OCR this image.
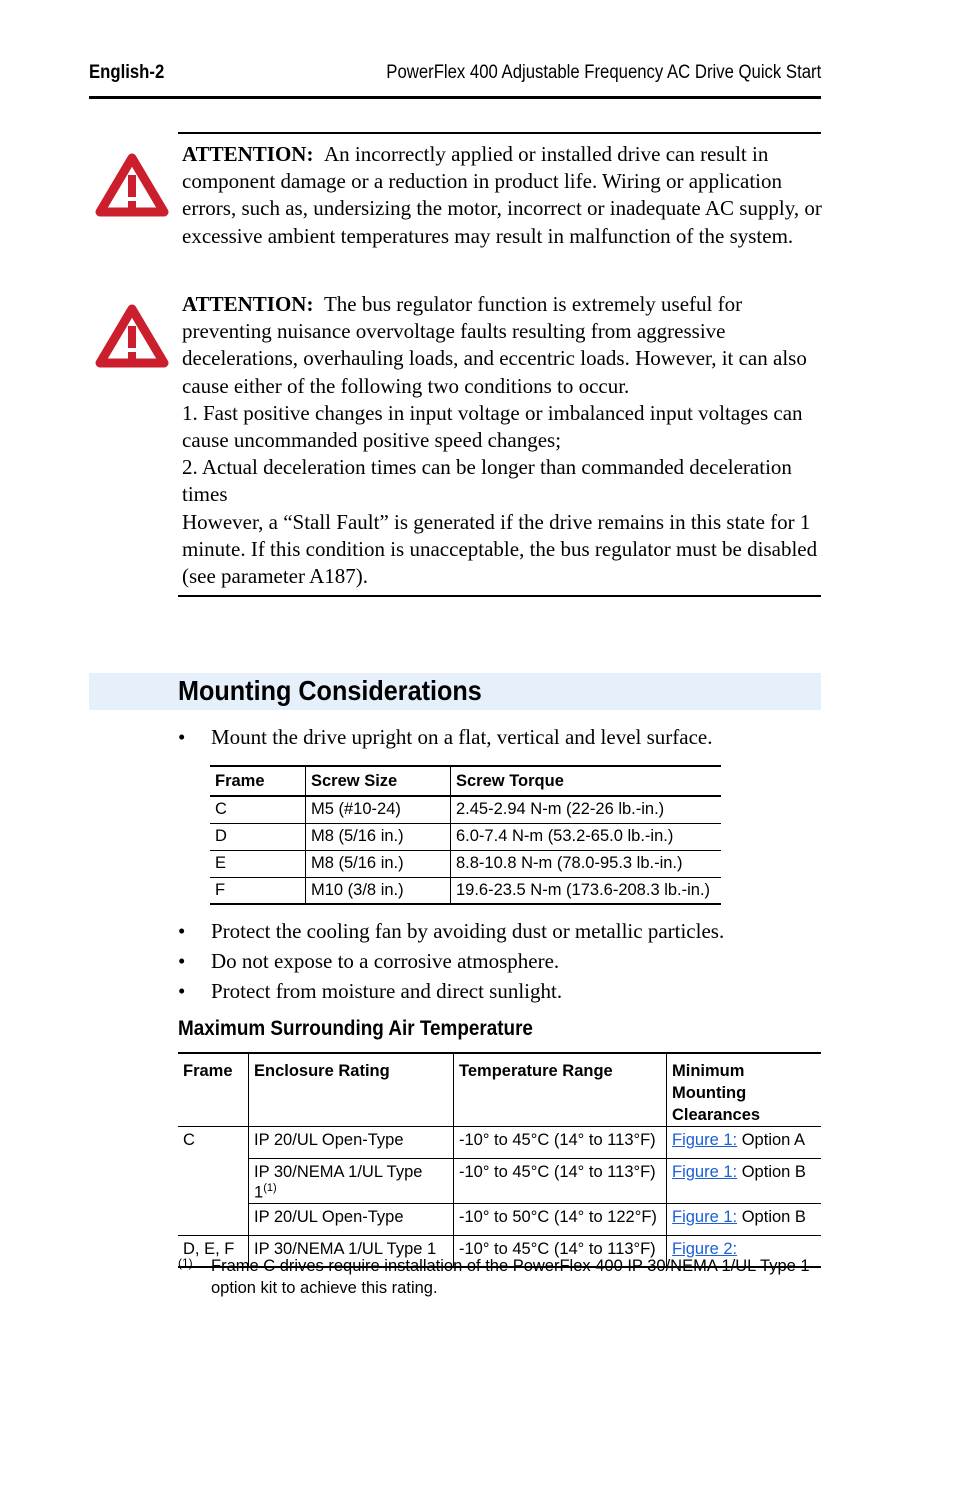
English-2	PowerFlex 400 Adjustable Frequency AC Drive Quick Start

ATTENTION: An incorrectly applied or installed drive can result in component damage or a reduction in product life. Wiring or application errors, such as, undersizing the motor, incorrect or inadequate AC supply, or excessive ambient temperatures may result in malfunction of the system.

ATTENTION: The bus regulator function is extremely useful for preventing nuisance overvoltage faults resulting from aggressive decelerations, overhauling loads, and eccentric loads. However, it can also cause either of the following two conditions to occur.

1. Fast positive changes in input voltage or imbalanced input voltages can cause uncommanded positive speed changes;

2. Actual deceleration times can be longer than commanded deceleration times

However, a “Stall Fault” is generated if the drive remains in this state for 1 minute. If this condition is unacceptable, the bus regulator must be disabled (see parameter A187).

Mounting Considerations
• Mount the drive upright on a flat, vertical and level surface.
Frame	Screw Size	Screw Torque
C	M5 (#10-24)	2.45-2.94 N-m (22-26 lb.-in.)
D	M8 (5/16 in.)	6.0-7.4 N-m (53.2-65.0 lb.-in.)
E	M8 (5/16 in.)	8.8-10.8 N-m (78.0-95.3 lb.-in.)
F	M10 (3/8 in.)	19.6-23.5 N-m (173.6-208.3 lb.-in.)
• Protect the cooling fan by avoiding dust or metallic particles.
• Do not expose to a corrosive atmosphere.
• Protect from moisture and direct sunlight.
Maximum Surrounding Air Temperature
Frame	Enclosure Rating	Temperature Range	Minimum Mounting Clearances
C	IP 20/UL Open-Type	-10° to 45°C (14° to 113°F)	Figure 1: Option A
	IP 30/NEMA 1/UL Type 1$^{(1)}$	-10° to 45°C (14° to 113°F)	Figure 1: Option B
	IP 20/UL Open-Type	-10° to 50°C (14° to 122°F)	Figure 1: Option B
D, E, F	IP 30/NEMA 1/UL Type 1	-10° to 45°C (14° to 113°F)	Figure 2:
(1) Frame C drives require installation of the PowerFlex 400 IP 30/NEMA 1/UL Type 1 option kit to achieve this rating.
